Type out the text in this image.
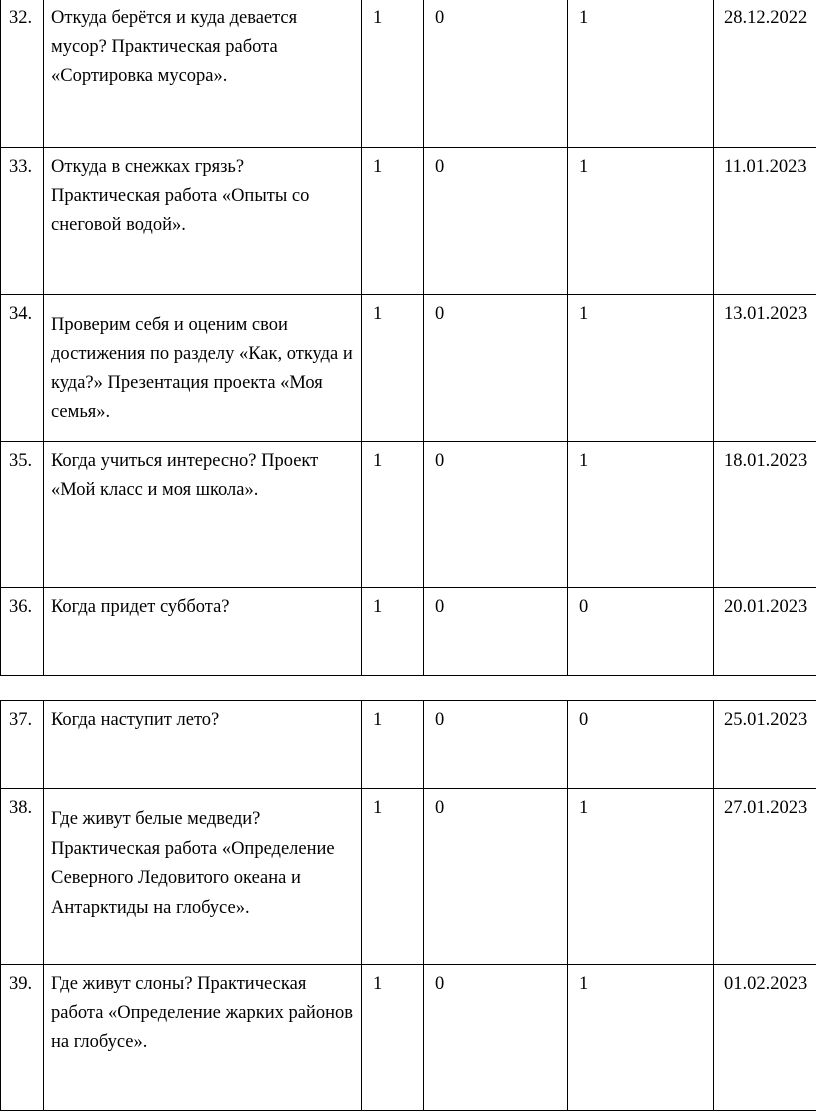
32.	Откуда берётся и куда девается мусор? Практическая работа «Сортировка мусора».	1	0	1	28.12.2022

33.	Откуда в снежках грязь? Практическая работа «Опыты со снеговой водой».	1	0	1	11.01.2023

34.	Проверим себя и оценим свои достижения по разделу «Как, откуда и куда?» Презентация проекта «Моя семья».	1	0	1	13.01.2023

35.	Когда учиться интересно? Проект «Мой класс и моя школа».	1	0	1	18.01.2023

36.	Когда придет суббота?	1	0	0	20.01.2023
37.	Когда наступит лето?	1	0	0	25.01.2023

38.	Где живут белые медведи? Практическая работа «Определение Северного Ледовитого океана и Антарктиды на глобусе».	1	0	1	27.01.2023

39.	Где живут слоны? Практическая работа «Определение жарких районов на глобусе».	1	0	1	01.02.2023
